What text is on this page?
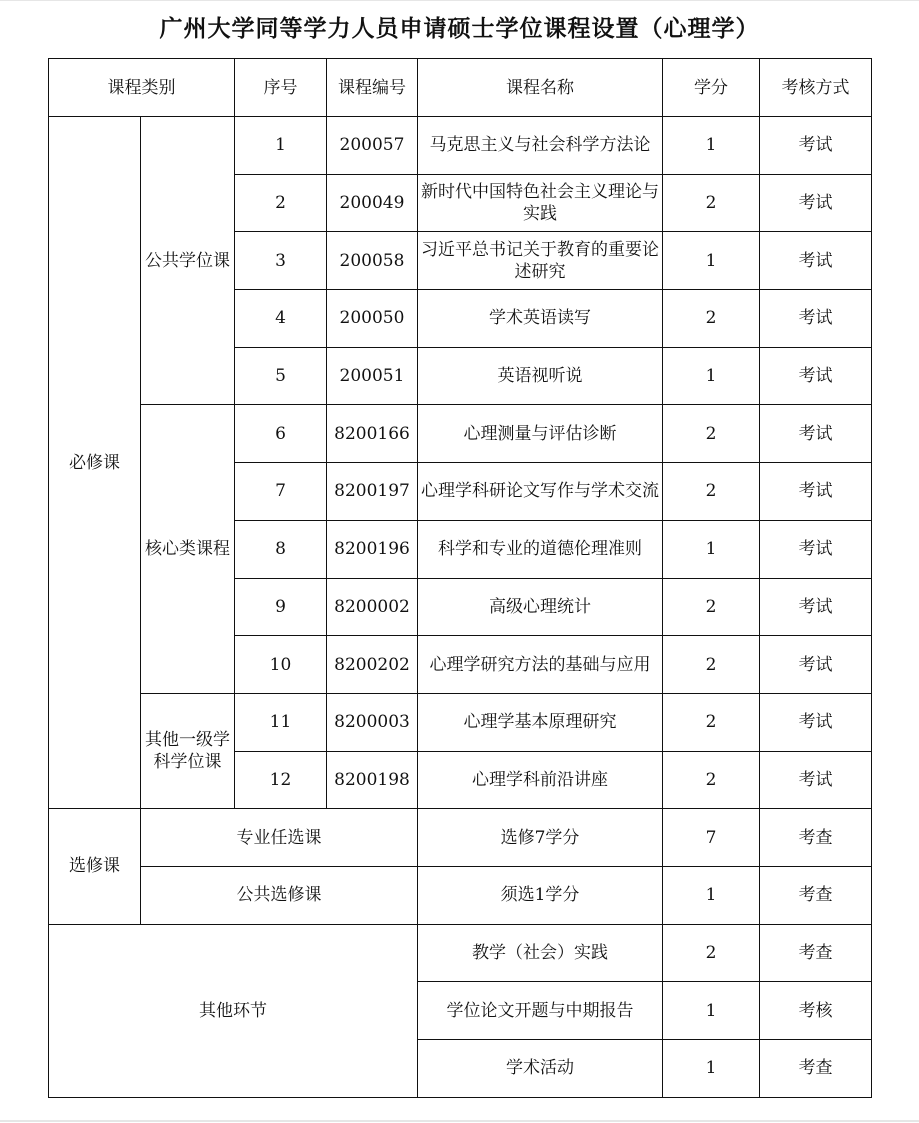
广州大学同等学力人员申请硕士学位课程设置（心理学）
课程类别		序号	课程编号	课程名称	学分	考核方式
必修课	公共学位课	1	200057	马克思主义与社会科学方法论	1	考试
		2	200049	新时代中国特色社会主义理论与实践	2	考试
		3	200058	习近平总书记关于教育的重要论述研究	1	考试
		4	200050	学术英语读写	2	考试
		5	200051	英语视听说	1	考试
	核心类课程	6	8200166	心理测量与评估诊断	2	考试
		7	8200197	心理学科研论文写作与学术交流	2	考试
		8	8200196	科学和专业的道德伦理准则	1	考试
		9	8200002	高级心理统计	2	考试
		10	8200202	心理学研究方法的基础与应用	2	考试
	其他一级学科学位课	11	8200003	心理学基本原理研究	2	考试
		12	8200198	心理学科前沿讲座	2	考试
选修课	专业任选课			选修7学分	7	考查
	公共选修课			须选1学分	1	考查
其他环节				教学（社会）实践	2	考查
				学位论文开题与中期报告	1	考核
				学术活动	1	考查
